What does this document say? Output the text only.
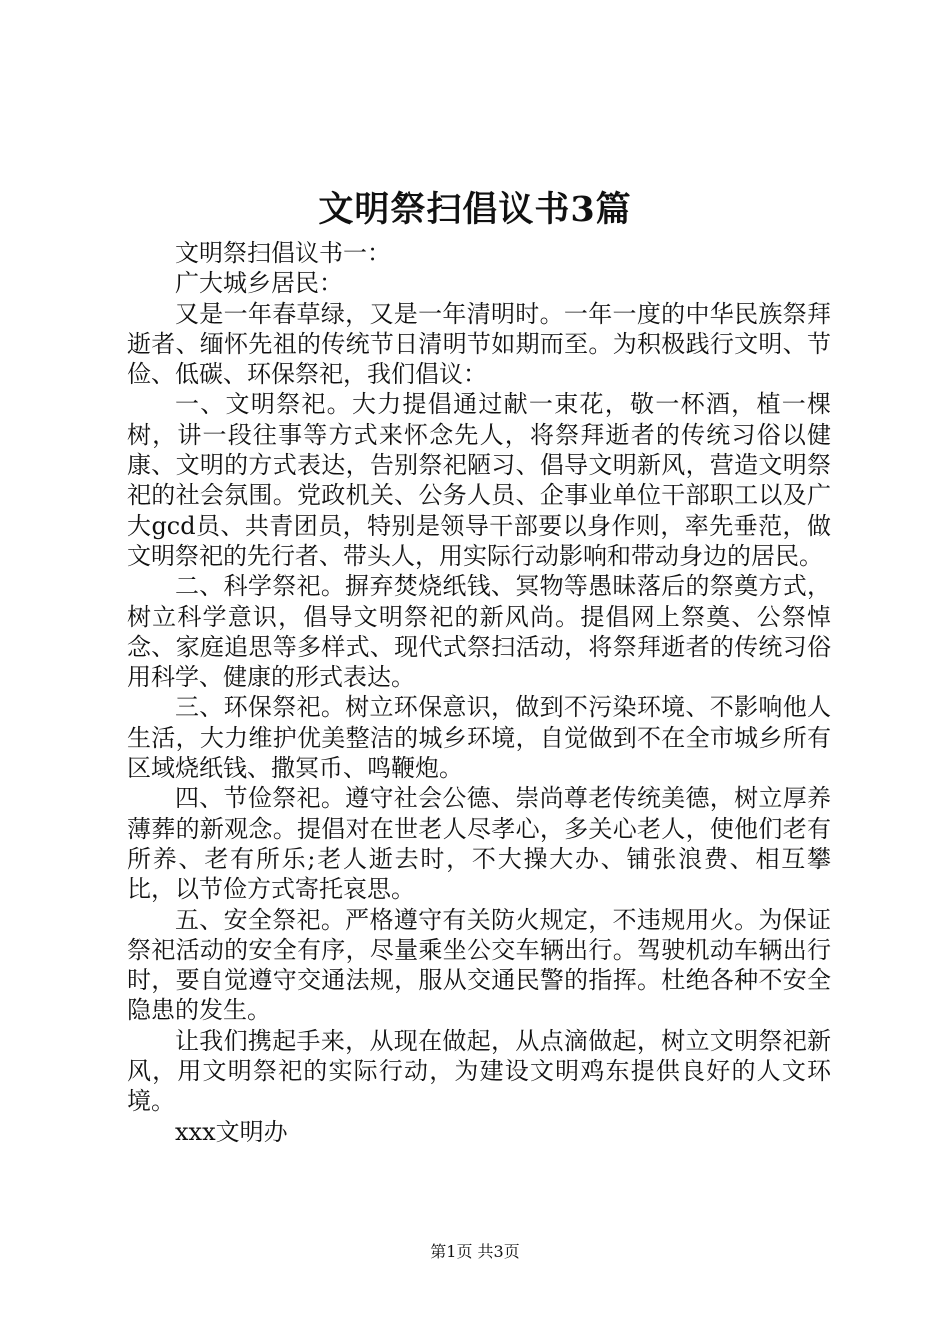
文明祭扫倡议书3篇

文明祭扫倡议书一：

广大城乡居民：

又是一年春草绿，又是一年清明时。一年一度的中华民族祭拜逝者、缅怀先祖的传统节日清明节如期而至。为积极践行文明、节俭、低碳、环保祭祀，我们倡议：

一、文明祭祀。大力提倡通过献一束花，敬一杯酒，植一棵树，讲一段往事等方式来怀念先人，将祭拜逝者的传统习俗以健康、文明的方式表达，告别祭祀陋习、倡导文明新风，营造文明祭祀的社会氛围。党政机关、公务人员、企事业单位干部职工以及广大gcd员、共青团员，特别是领导干部要以身作则，率先垂范，做文明祭祀的先行者、带头人，用实际行动影响和带动身边的居民。

二、科学祭祀。摒弃焚烧纸钱、冥物等愚昧落后的祭奠方式，树立科学意识，倡导文明祭祀的新风尚。提倡网上祭奠、公祭悼念、家庭追思等多样式、现代式祭扫活动，将祭拜逝者的传统习俗用科学、健康的形式表达。

三、环保祭祀。树立环保意识，做到不污染环境、不影响他人生活，大力维护优美整洁的城乡环境，自觉做到不在全市城乡所有区域烧纸钱、撒冥币、鸣鞭炮。

四、节俭祭祀。遵守社会公德、崇尚尊老传统美德，树立厚养薄葬的新观念。提倡对在世老人尽孝心，多关心老人，使他们老有所养、老有所乐;老人逝去时，不大操大办、铺张浪费、相互攀比，以节俭方式寄托哀思。

五、安全祭祀。严格遵守有关防火规定，不违规用火。为保证祭祀活动的安全有序，尽量乘坐公交车辆出行。驾驶机动车辆出行时，要自觉遵守交通法规，服从交通民警的指挥。杜绝各种不安全隐患的发生。

让我们携起手来，从现在做起，从点滴做起，树立文明祭祀新风，用文明祭祀的实际行动，为建设文明鸡东提供良好的人文环境。

xxx文明办

第1页 共3页
